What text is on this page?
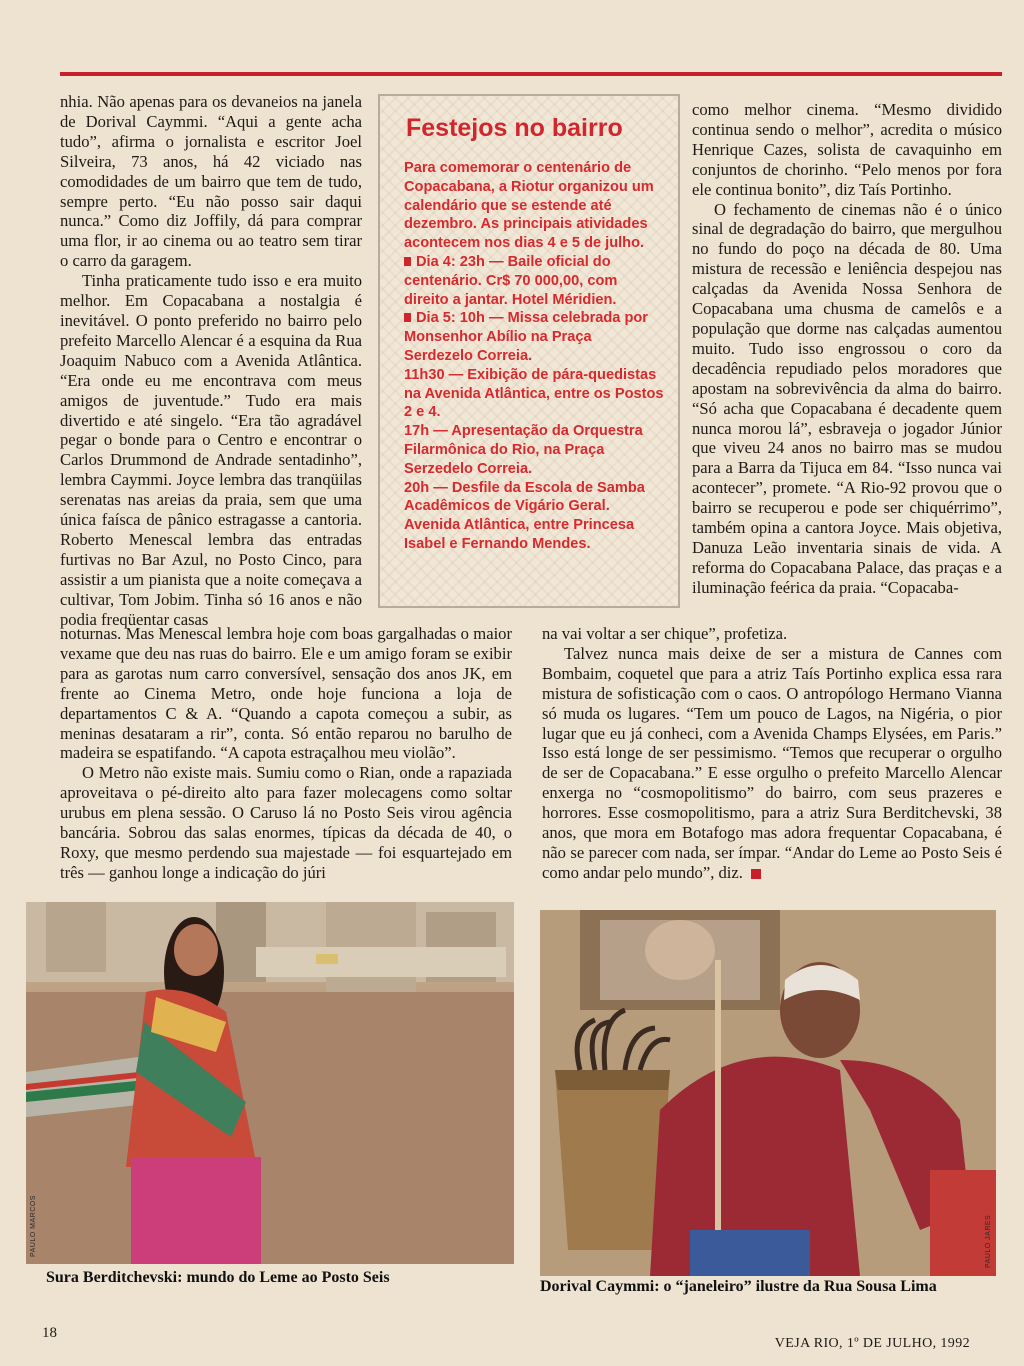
nhia. Não apenas para os devaneios na janela de Dorival Caymmi. “Aqui a gente acha tudo”, afirma o jornalista e escritor Joel Silveira, 73 anos, há 42 viciado nas comodidades de um bairro que tem de tudo, sempre perto. “Eu não posso sair daqui nunca.” Como diz Joffily, dá para comprar uma flor, ir ao cinema ou ao teatro sem tirar o carro da garagem.

Tinha praticamente tudo isso e era muito melhor. Em Copacabana a nostalgia é inevitável. O ponto preferido no bairro pelo prefeito Marcello Alencar é a esquina da Rua Joaquim Nabuco com a Avenida Atlântica. “Era onde eu me encontrava com meus amigos de juventude.” Tudo era mais divertido e até singelo. “Era tão agradável pegar o bonde para o Centro e encontrar o Carlos Drummond de Andrade sentadinho”, lembra Caymmi. Joyce lembra das tranqüilas serenatas nas areias da praia, sem que uma única faísca de pânico estragasse a cantoria. Roberto Menescal lembra das entradas furtivas no Bar Azul, no Posto Cinco, para assistir a um pianista que a noite começava a cultivar, Tom Jobim. Tinha só 16 anos e não podia freqüentar casas

Festejos no bairro
Para comemorar o centenário de Copacabana, a Riotur organizou um calendário que se estende até dezembro. As principais atividades acontecem nos dias 4 e 5 de julho.
Dia 4: 23h — Baile oficial do centenário. Cr$ 70 000,00, com direito a jantar. Hotel Méridien.
Dia 5: 10h — Missa celebrada por Monsenhor Abílio na Praça Serdezelo Correia.
11h30 — Exibição de pára-quedistas na Avenida Atlântica, entre os Postos 2 e 4.
17h — Apresentação da Orquestra Filarmônica do Rio, na Praça Serzedelo Correia.
20h — Desfile da Escola de Samba Acadêmicos de Vigário Geral. Avenida Atlântica, entre Princesa Isabel e Fernando Mendes.

como melhor cinema. “Mesmo dividido continua sendo o melhor”, acredita o músico Henrique Cazes, solista de cavaquinho em conjuntos de chorinho. “Pelo menos por fora ele continua bonito”, diz Taís Portinho.

O fechamento de cinemas não é o único sinal de degradação do bairro, que mergulhou no fundo do poço na década de 80. Uma mistura de recessão e leniência despejou nas calçadas da Avenida Nossa Senhora de Copacabana uma chusma de camelôs e a população que dorme nas calçadas aumentou muito. Tudo isso engrossou o coro da decadência repudiado pelos moradores que apostam na sobrevivência da alma do bairro. “Só acha que Copacabana é decadente quem nunca morou lá”, esbraveja o jogador Júnior que viveu 24 anos no bairro mas se mudou para a Barra da Tijuca em 84. “Isso nunca vai acontecer”, promete. “A Rio-92 provou que o bairro se recuperou e pode ser chiquérrimo”, também opina a cantora Joyce. Mais objetiva, Danuza Leão inventaria sinais de vida. A reforma do Copacabana Palace, das praças e a iluminação feérica da praia. “Copacaba-

noturnas. Mas Menescal lembra hoje com boas gargalhadas o maior vexame que deu nas ruas do bairro. Ele e um amigo foram se exibir para as garotas num carro conversível, sensação dos anos JK, em frente ao Cinema Metro, onde hoje funciona a loja de departamentos C & A. “Quando a capota começou a subir, as meninas desataram a rir”, conta. Só então reparou no barulho de madeira se espatifando. “A capota estraçalhou meu violão”.

O Metro não existe mais. Sumiu como o Rian, onde a rapaziada aproveitava o pé-direito alto para fazer molecagens como soltar urubus em plena sessão. O Caruso lá no Posto Seis virou agência bancária. Sobrou das salas enormes, típicas da década de 40, o Roxy, que mesmo perdendo sua majestade — foi esquartejado em três — ganhou longe a indicação do júri

na vai voltar a ser chique”, profetiza.

Talvez nunca mais deixe de ser a mistura de Cannes com Bombaim, coquetel que para a atriz Taís Portinho explica essa rara mistura de sofisticação com o caos. O antropólogo Hermano Vianna só muda os lugares. “Tem um pouco de Lagos, na Nigéria, o pior lugar que eu já conheci, com a Avenida Champs Elysées, em Paris.” Isso está longe de ser pessimismo. “Temos que recuperar o orgulho de ser de Copacabana.” E esse orgulho o prefeito Marcello Alencar enxerga no “cosmopolitismo” do bairro, com seus prazeres e horrores. Esse cosmopolitismo, para a atriz Sura Berditchevski, 38 anos, que mora em Botafogo mas adora frequentar Copacabana, é não se parecer com nada, ser ímpar. “Andar do Leme ao Posto Seis é como andar pelo mundo”, diz.

PAULO MARCOS	PAULO JARES
Sura Berditchevski: mundo do Leme ao Posto Seis
Dorival Caymmi: o “janeleiro” ilustre da Rua Sousa Lima
18
VEJA RIO, 1º DE JULHO, 1992
